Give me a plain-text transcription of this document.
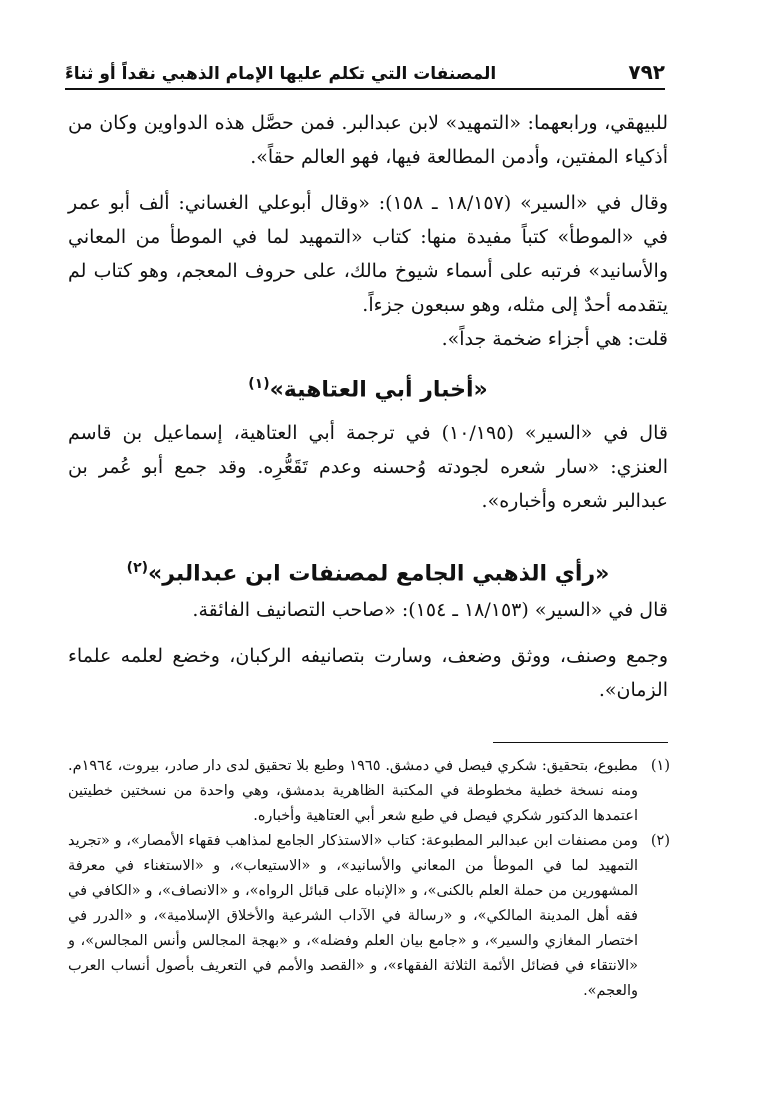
٧٩٢
المصنفات التي تكلم عليها الإمام الذهبي نقداً أو ثناءً

للبيهقي، ورابعهما: «التمهيد» لابن عبدالبر. فمن حصَّل هذه الدواوين وكان من أذكياء المفتين، وأدمن المطالعة فيها، فهو العالم حقاً».

وقال في «السير» (١٨/١٥٧ ـ ١٥٨): «وقال أبوعلي الغساني: ألف أبو عمر في «الموطأ» كتباً مفيدة منها: كتاب «التمهيد لما في الموطأ من المعاني والأسانيد» فرتبه على أسماء شيوخ مالك، على حروف المعجم، وهو كتاب لم يتقدمه أحدٌ إلى مثله، وهو سبعون جزءاً.

قلت: هي أجزاء ضخمة جداً».

«أخبار أبي العتاهية»$^{(١)}$

قال في «السير» (١٠/١٩٥) في ترجمة أبي العتاهية، إسماعيل بن قاسم العنزي: «سار شعره لجودته وُحسنه وعدم تَقَعُّرِه. وقد جمع أبو عُمر بن عبدالبر شعره وأخباره».

«رأي الذهبي الجامع لمصنفات ابن عبدالبر»$^{(٢)}$

قال في «السير» (١٨/١٥٣ ـ ١٥٤): «صاحب التصانيف الفائقة.

وجمع وصنف، ووثق وضعف، وسارت بتصانيفه الركبان، وخضع لعلمه علماء الزمان».

(١)
مطبوع، بتحقيق: شكري فيصل في دمشق. ١٩٦٥ وطبع بلا تحقيق لدى دار صادر، بيروت، ١٩٦٤م. ومنه نسخة خطية مخطوطة في المكتبة الظاهرية بدمشق، وهي واحدة من نسختين خطيتين اعتمدها الدكتور شكري فيصل في طبع شعر أبي العتاهية وأخباره.

(٢)
ومن مصنفات ابن عبدالبر المطبوعة: كتاب «الاستذكار الجامع لمذاهب فقهاء الأمصار»، و «تجريد التمهيد لما في الموطأ من المعاني والأسانيد»، و «الاستيعاب»، و «الاستغناء في معرفة المشهورين من حملة العلم بالكنى»، و «الإنباه على قبائل الرواه»، و «الانصاف»، و «الكافي في فقه أهل المدينة المالكي»، و «رسالة في الآداب الشرعية والأخلاق الإسلامية»، و «الدرر في اختصار المغازي والسير»، و «جامع بيان العلم وفضله»، و «بهجة المجالس وأنس المجالس»، و «الانتقاء في فضائل الأئمة الثلاثة الفقهاء»، و «القصد والأمم في التعريف بأصول أنساب العرب والعجم».
